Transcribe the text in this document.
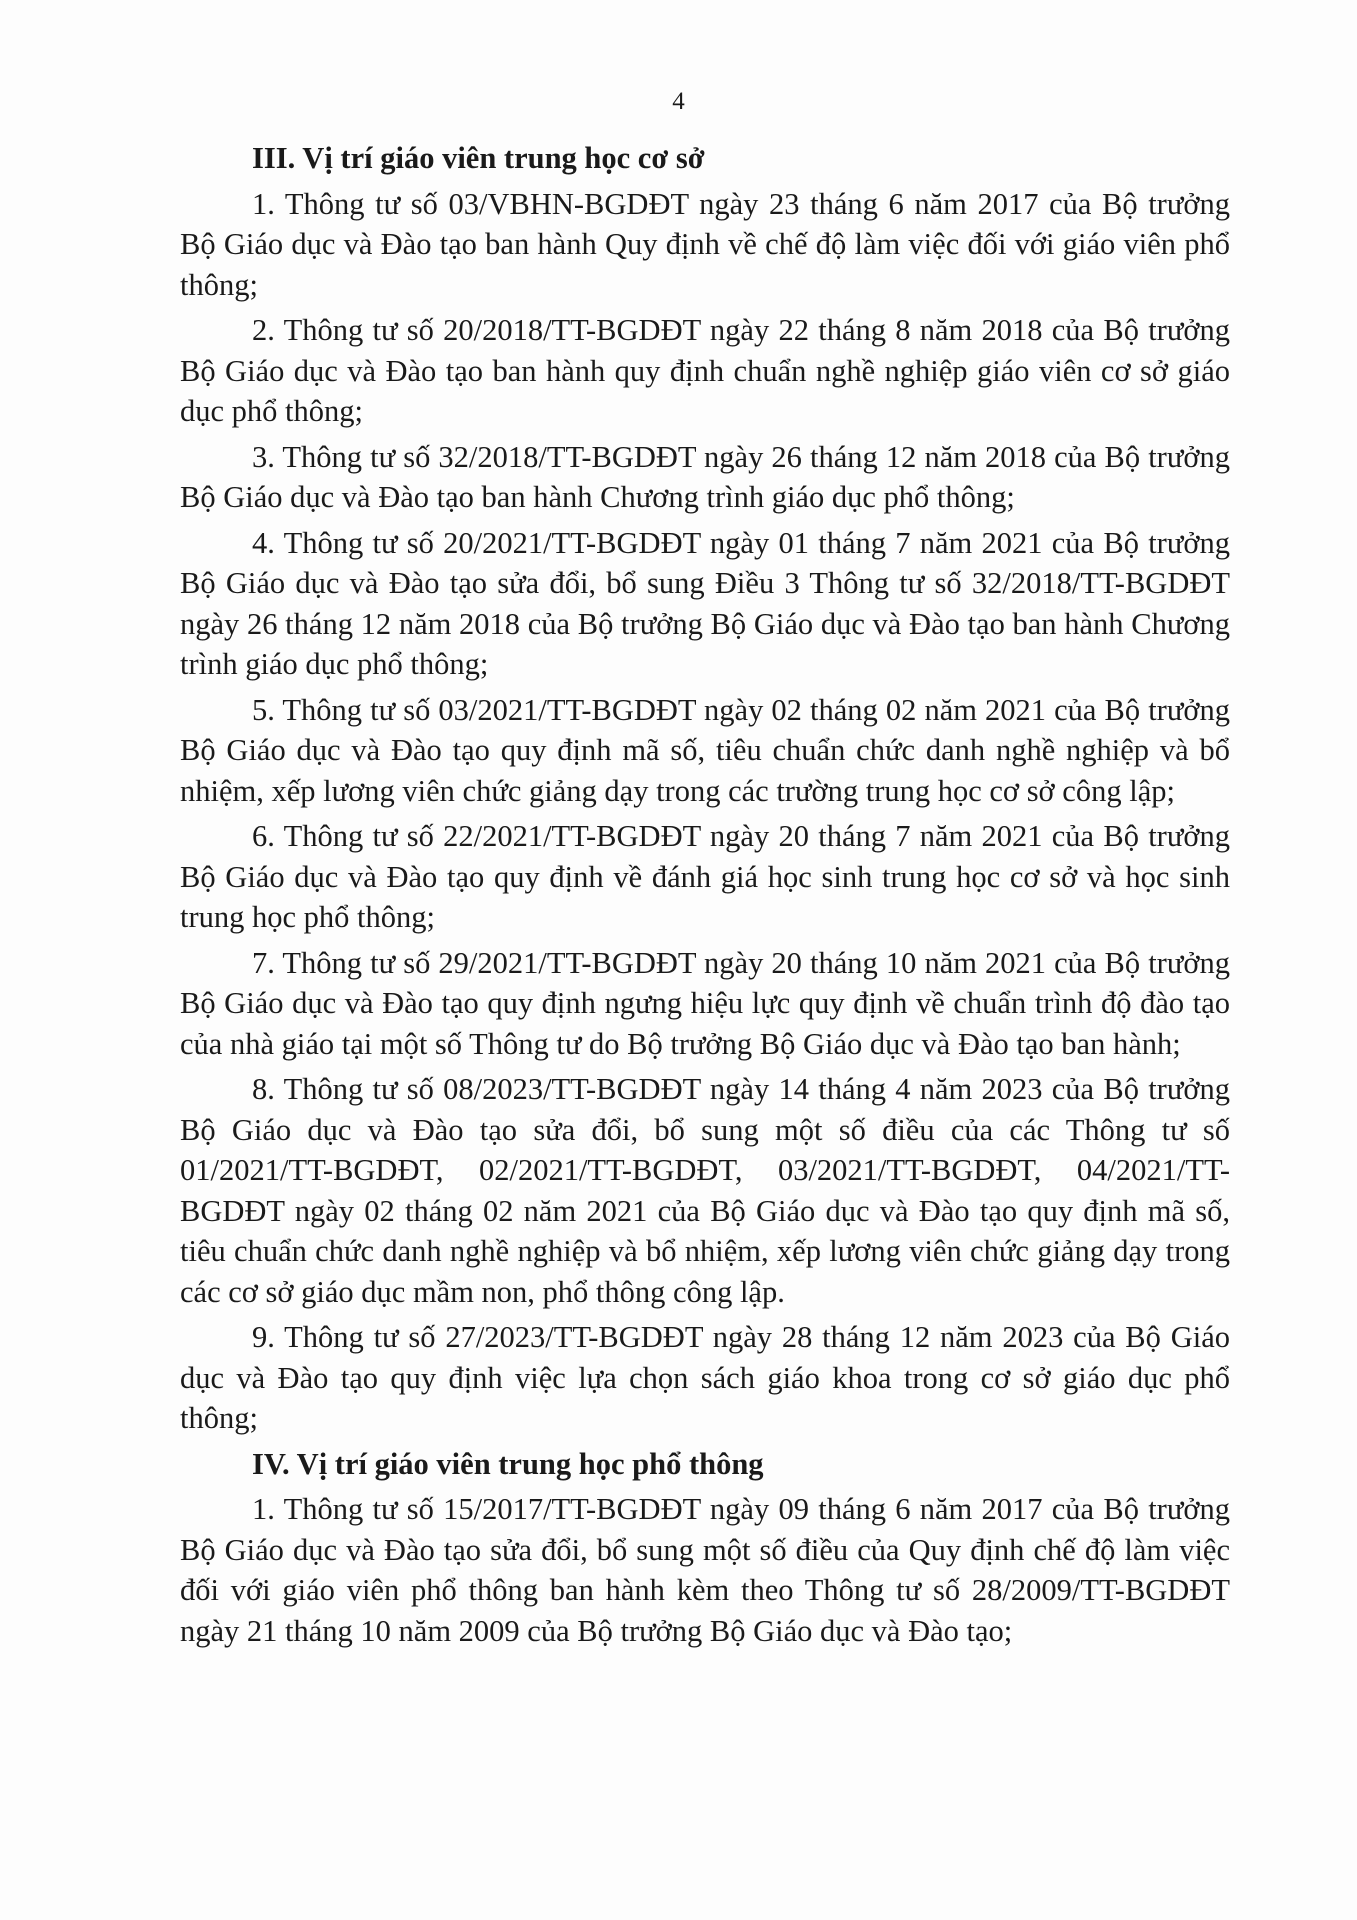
4

III. Vị trí giáo viên trung học cơ sở

1. Thông tư số 03/VBHN-BGDĐT ngày 23 tháng 6 năm 2017 của Bộ trưởng Bộ Giáo dục và Đào tạo ban hành Quy định về chế độ làm việc đối với giáo viên phổ thông;

2. Thông tư số 20/2018/TT-BGDĐT ngày 22 tháng 8 năm 2018 của Bộ trưởng Bộ Giáo dục và Đào tạo ban hành quy định chuẩn nghề nghiệp giáo viên cơ sở giáo dục phổ thông;

3. Thông tư số 32/2018/TT-BGDĐT ngày 26 tháng 12 năm 2018 của Bộ trưởng Bộ Giáo dục và Đào tạo ban hành Chương trình giáo dục phổ thông;

4. Thông tư số 20/2021/TT-BGDĐT ngày 01 tháng 7 năm 2021 của Bộ trưởng Bộ Giáo dục và Đào tạo sửa đổi, bổ sung Điều 3 Thông tư số 32/2018/TT-BGDĐT ngày 26 tháng 12 năm 2018 của Bộ trưởng Bộ Giáo dục và Đào tạo ban hành Chương trình giáo dục phổ thông;

5. Thông tư số 03/2021/TT-BGDĐT ngày 02 tháng 02 năm 2021 của Bộ trưởng Bộ Giáo dục và Đào tạo quy định mã số, tiêu chuẩn chức danh nghề nghiệp và bổ nhiệm, xếp lương viên chức giảng dạy trong các trường trung học cơ sở công lập;

6. Thông tư số 22/2021/TT-BGDĐT ngày 20 tháng 7 năm 2021 của Bộ trưởng Bộ Giáo dục và Đào tạo quy định về đánh giá học sinh trung học cơ sở và học sinh trung học phổ thông;

7. Thông tư số 29/2021/TT-BGDĐT ngày 20 tháng 10 năm 2021 của Bộ trưởng Bộ Giáo dục và Đào tạo quy định ngưng hiệu lực quy định về chuẩn trình độ đào tạo của nhà giáo tại một số Thông tư do Bộ trưởng Bộ Giáo dục và Đào tạo ban hành;

8. Thông tư số 08/2023/TT-BGDĐT ngày 14 tháng 4 năm 2023 của Bộ trưởng Bộ Giáo dục và Đào tạo sửa đổi, bổ sung một số điều của các Thông tư số 01/2021/TT-BGDĐT, 02/2021/TT-BGDĐT, 03/2021/TT-BGDĐT, 04/2021/TT-BGDĐT ngày 02 tháng 02 năm 2021 của Bộ Giáo dục và Đào tạo quy định mã số, tiêu chuẩn chức danh nghề nghiệp và bổ nhiệm, xếp lương viên chức giảng dạy trong các cơ sở giáo dục mầm non, phổ thông công lập.

9. Thông tư số 27/2023/TT-BGDĐT ngày 28 tháng 12 năm 2023 của Bộ Giáo dục và Đào tạo quy định việc lựa chọn sách giáo khoa trong cơ sở giáo dục phổ thông;

IV. Vị trí giáo viên trung học phổ thông

1. Thông tư số 15/2017/TT-BGDĐT ngày 09 tháng 6 năm 2017 của Bộ trưởng Bộ Giáo dục và Đào tạo sửa đổi, bổ sung một số điều của Quy định chế độ làm việc đối với giáo viên phổ thông ban hành kèm theo Thông tư số 28/2009/TT-BGDĐT ngày 21 tháng 10 năm 2009 của Bộ trưởng Bộ Giáo dục và Đào tạo;
